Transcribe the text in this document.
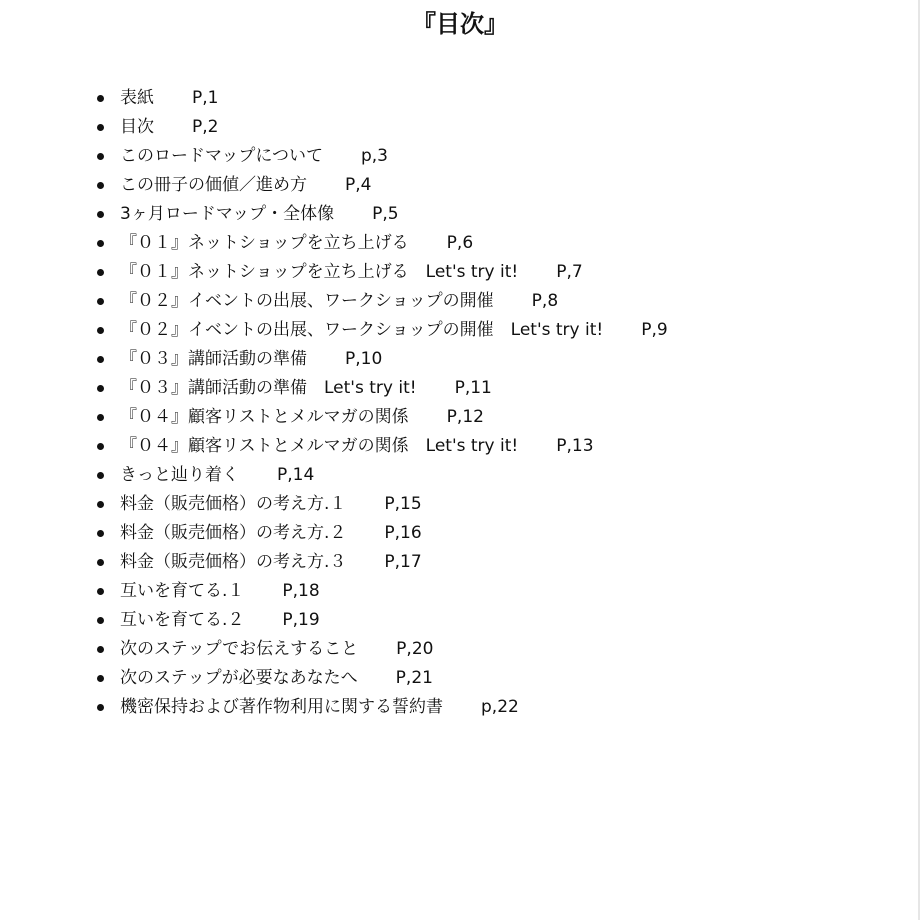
『目次』
表紙 P,1
目次 P,2
このロードマップについて p,3
この冊子の価値／進め方 P,4
3ヶ月ロードマップ・全体像 P,5
『０１』ネットショップを立ち上げる P,6
『０１』ネットショップを立ち上げる　Let's try it! P,7
『０２』イベントの出展、ワークショップの開催 P,8
『０２』イベントの出展、ワークショップの開催　Let's try it! P,9
『０３』講師活動の準備 P,10
『０３』講師活動の準備　Let's try it! P,11
『０４』顧客リストとメルマガの関係 P,12
『０４』顧客リストとメルマガの関係　Let's try it! P,13
きっと辿り着く P,14
料金（販売価格）の考え方.１ P,15
料金（販売価格）の考え方.２ P,16
料金（販売価格）の考え方.３ P,17
互いを育てる.１ P,18
互いを育てる.２ P,19
次のステップでお伝えすること P,20
次のステップが必要なあなたへ P,21
機密保持および著作物利用に関する誓約書 p,22
